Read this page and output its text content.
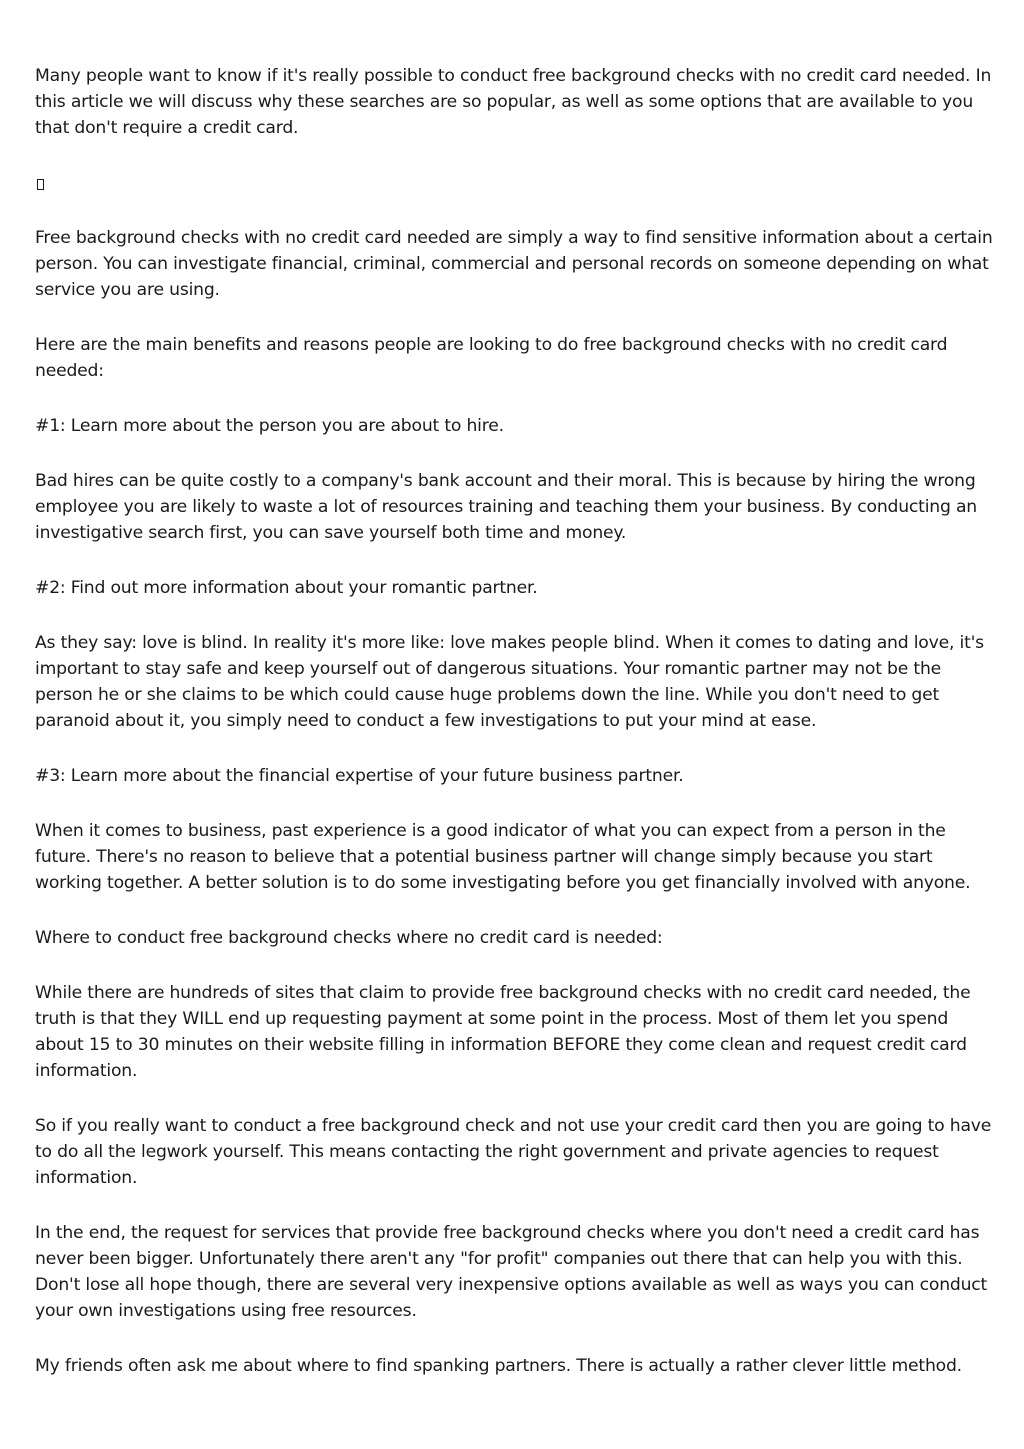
Many people want to know if it's really possible to conduct free background checks with no credit card needed. In this article we will discuss why these searches are so popular, as well as some options that are available to you that don't require a credit card.

Free background checks with no credit card needed are simply a way to find sensitive information about a certain person. You can investigate financial, criminal, commercial and personal records on someone depending on what service you are using.

Here are the main benefits and reasons people are looking to do free background checks with no credit card needed:

#1: Learn more about the person you are about to hire.

Bad hires can be quite costly to a company's bank account and their moral. This is because by hiring the wrong employee you are likely to waste a lot of resources training and teaching them your business. By conducting an investigative search first, you can save yourself both time and money.

#2: Find out more information about your romantic partner.

As they say: love is blind. In reality it's more like: love makes people blind. When it comes to dating and love, it's important to stay safe and keep yourself out of dangerous situations. Your romantic partner may not be the person he or she claims to be which could cause huge problems down the line. While you don't need to get paranoid about it, you simply need to conduct a few investigations to put your mind at ease.

#3: Learn more about the financial expertise of your future business partner.

When it comes to business, past experience is a good indicator of what you can expect from a person in the future. There's no reason to believe that a potential business partner will change simply because you start working together. A better solution is to do some investigating before you get financially involved with anyone.

Where to conduct free background checks where no credit card is needed:

While there are hundreds of sites that claim to provide free background checks with no credit card needed, the truth is that they WILL end up requesting payment at some point in the process. Most of them let you spend about 15 to 30 minutes on their website filling in information BEFORE they come clean and request credit card information.

So if you really want to conduct a free background check and not use your credit card then you are going to have to do all the legwork yourself. This means contacting the right government and private agencies to request information.

In the end, the request for services that provide free background checks where you don't need a credit card has never been bigger. Unfortunately there aren't any "for profit" companies out there that can help you with this. Don't lose all hope though, there are several very inexpensive options available as well as ways you can conduct your own investigations using free resources.

My friends often ask me about where to find spanking partners. There is actually a rather clever little method.
